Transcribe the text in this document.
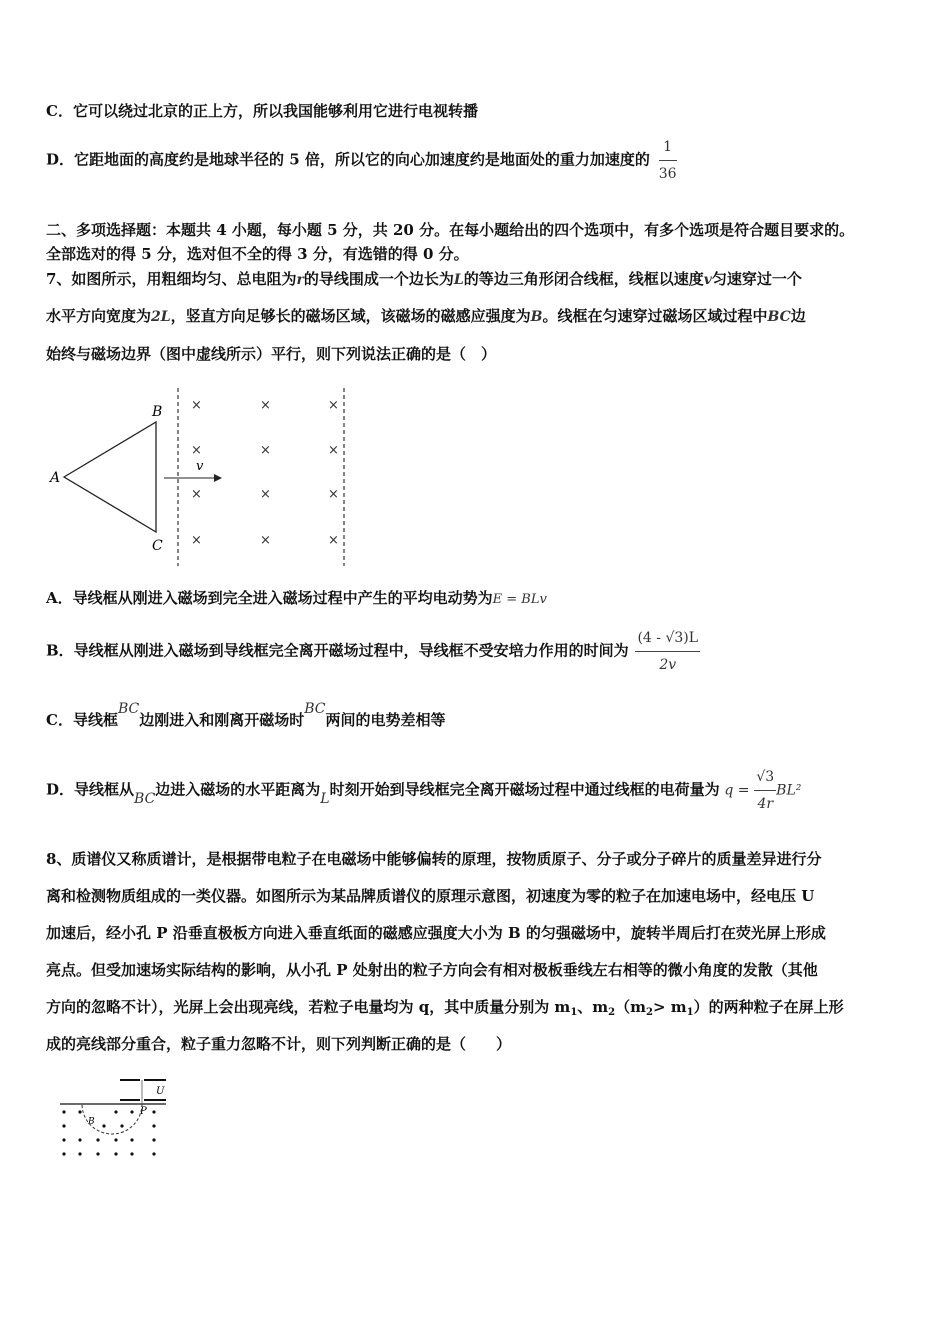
C．它可以绕过北京的正上方，所以我国能够利用它进行电视转播
D．它距地面的高度约是地球半径的 5 倍，所以它的向心加速度约是地面处的重力加速度的 $\frac{1}{36}$
二、多项选择题：本题共 4 小题，每小题 5 分，共 20 分。在每小题给出的四个选项中，有多个选项是符合题目要求的。
全部选对的得 5 分，选对但不全的得 3 分，有选错的得 0 分。
7、如图所示，用粗细均匀、总电阻为r的导线围成一个边长为L的等边三角形闭合线框，线框以速度v匀速穿过一个
水平方向宽度为2L，竖直方向足够长的磁场区域，该磁场的磁感应强度为B。线框在匀速穿过磁场区域过程中BC边
始终与磁场边界（图中虚线所示）平行，则下列说法正确的是（　）
A
B
C
v
×	×	×
×	×	×
×	×	×
×	×	×
A．导线框从刚进入磁场到完全进入磁场过程中产生的平均电动势为E = BLv
B．导线框从刚进入磁场到导线框完全离开磁场过程中，导线框不受安培力作用的时间为 $\frac{(4 - √3)L}{2v}$
C．导线框BC边刚进入和刚离开磁场时BC两间的电势差相等
D．导线框从BC边进入磁场的水平距离为L时刻开始到导线框完全离开磁场过程中通过线框的电荷量为 $q = \frac{√3}{4r} BL^2$
8、质谱仪又称质谱计，是根据带电粒子在电磁场中能够偏转的原理，按物质原子、分子或分子碎片的质量差异进行分
离和检测物质组成的一类仪器。如图所示为某品牌质谱仪的原理示意图，初速度为零的粒子在加速电场中，经电压 U
加速后，经小孔 P 沿垂直极板方向进入垂直纸面的磁感应强度大小为 B 的匀强磁场中，旋转半周后打在荧光屏上形成
亮点。但受加速场实际结构的影响，从小孔 P 处射出的粒子方向会有相对极板垂线左右相等的微小角度的发散（其他
方向的忽略不计），光屏上会出现亮线，若粒子电量均为 q，其中质量分别为 $m_1$、$m_2(m_2> m_1)$的两种粒子在屏上形
成的亮线部分重合，粒子重力忽略不计，则下列判断正确的是（　　）
U
P
B
